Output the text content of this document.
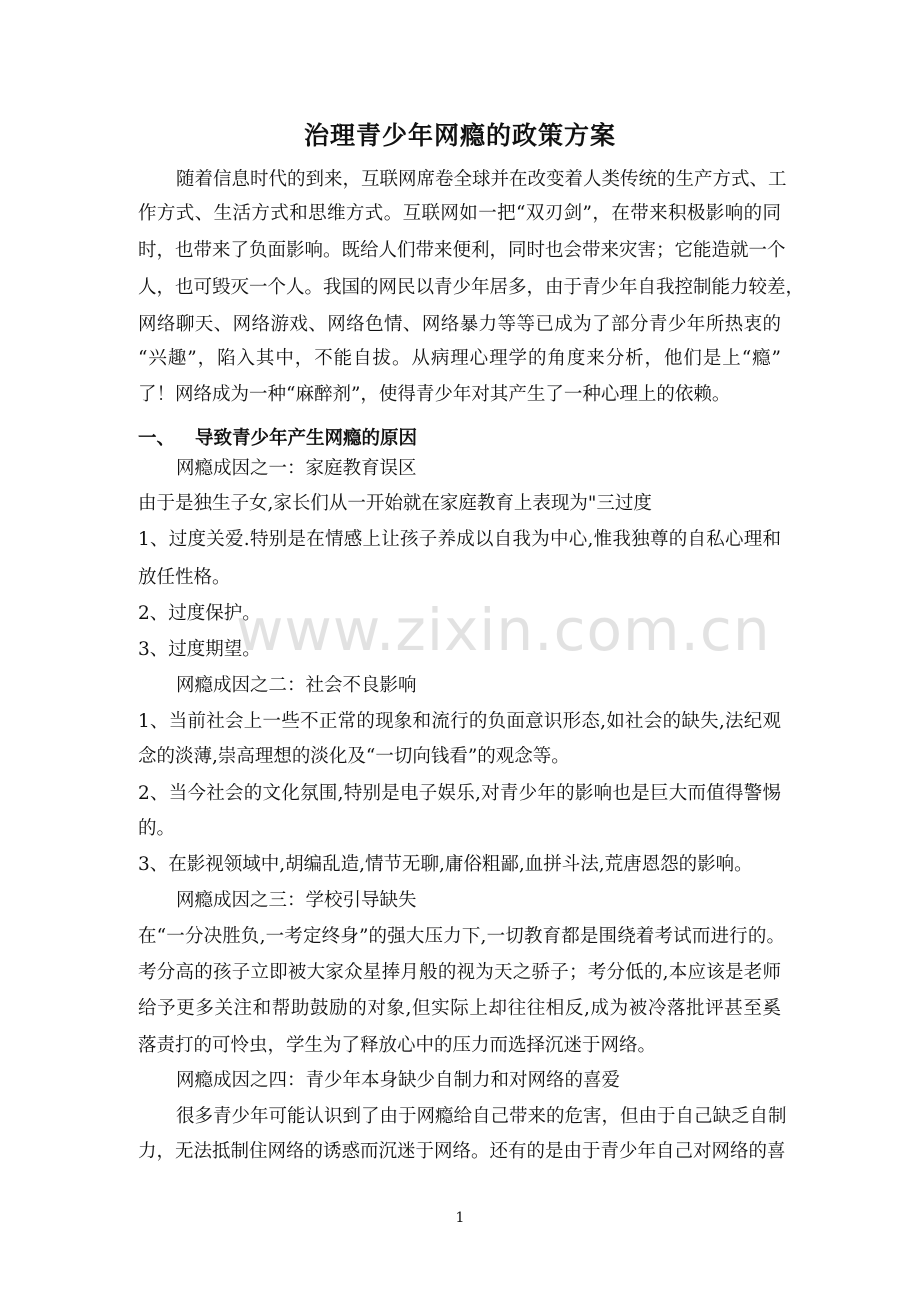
治理青少年网瘾的政策方案
随着信息时代的到来，互联网席卷全球并在改变着人类传统的生产方式、工
作方式、生活方式和思维方式。互联网如一把“双刃剑”，在带来积极影响的同
时，也带来了负面影响。既给人们带来便利，同时也会带来灾害；它能造就一个
人，也可毁灭一个人。我国的网民以青少年居多，由于青少年自我控制能力较差，
网络聊天、网络游戏、网络色情、网络暴力等等已成为了部分青少年所热衷的
“兴趣”，陷入其中，不能自拔。从病理心理学的角度来分析，他们是上“瘾”
了！网络成为一种“麻醉剂”，使得青少年对其产生了一种心理上的依赖。
一、 导致青少年产生网瘾的原因
网瘾成因之一：家庭教育误区
由于是独生子女,家长们从一开始就在家庭教育上表现为"三过度
1、过度关爱.特别是在情感上让孩子养成以自我为中心,惟我独尊的自私心理和
放任性格。
2、过度保护。
3、过度期望。
网瘾成因之二：社会不良影响
1、当前社会上一些不正常的现象和流行的负面意识形态,如社会的缺失,法纪观
念的淡薄,崇高理想的淡化及“一切向钱看”的观念等。
2、当今社会的文化氛围,特别是电子娱乐,对青少年的影响也是巨大而值得警惕
的。
3、在影视领域中,胡编乱造,情节无聊,庸俗粗鄙,血拼斗法,荒唐恩怨的影响。
网瘾成因之三：学校引导缺失
在“一分决胜负,一考定终身”的强大压力下,一切教育都是围绕着考试而进行的。
考分高的孩子立即被大家众星捧月般的视为天之骄子；考分低的,本应该是老师
给予更多关注和帮助鼓励的对象,但实际上却往往相反,成为被冷落批评甚至奚
落责打的可怜虫，学生为了释放心中的压力而选择沉迷于网络。
网瘾成因之四：青少年本身缺少自制力和对网络的喜爱
很多青少年可能认识到了由于网瘾给自己带来的危害，但由于自己缺乏自制
力，无法抵制住网络的诱惑而沉迷于网络。还有的是由于青少年自己对网络的喜
www.zixin.com.cn
1
